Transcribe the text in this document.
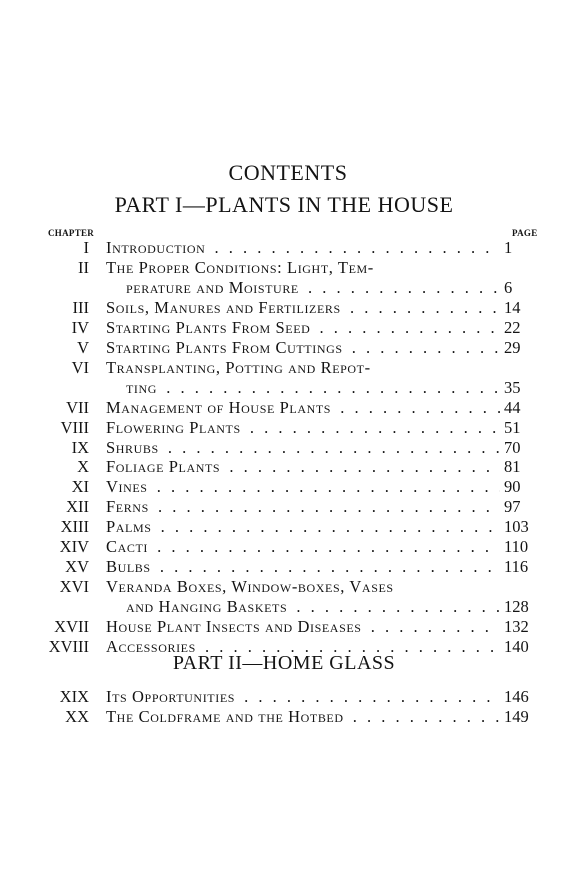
CONTENTS
PART I—PLANTS IN THE HOUSE
CHAPTER	PAGE
I Introduction . . .	1
II The Proper Conditions: Light, Tem-
perature and Moisture . . .	6
III Soils, Manures and Fertilizers . . .	14
IV Starting Plants From Seed . . .	22
V Starting Plants From Cuttings . . .	29
VI Transplanting, Potting and Repot-
ting . . .	35
VII Management of House Plants . . .	44
VIII Flowering Plants . . .	51
IX Shrubs . . .	70
X Foliage Plants . . .	81
XI Vines . . .	90
XII Ferns . . .	97
XIII Palms . . .	103
XIV Cacti . . .	110
XV Bulbs . . .	116
XVI Veranda Boxes, Window-boxes, Vases
and Hanging Baskets . . .	128
XVII House Plant Insects and Diseases . . .	132
XVIII Accessories . . .	140
PART II—HOME GLASS
XIX Its Opportunities . . .	146
XX The Coldframe and the Hotbed . . .	149
